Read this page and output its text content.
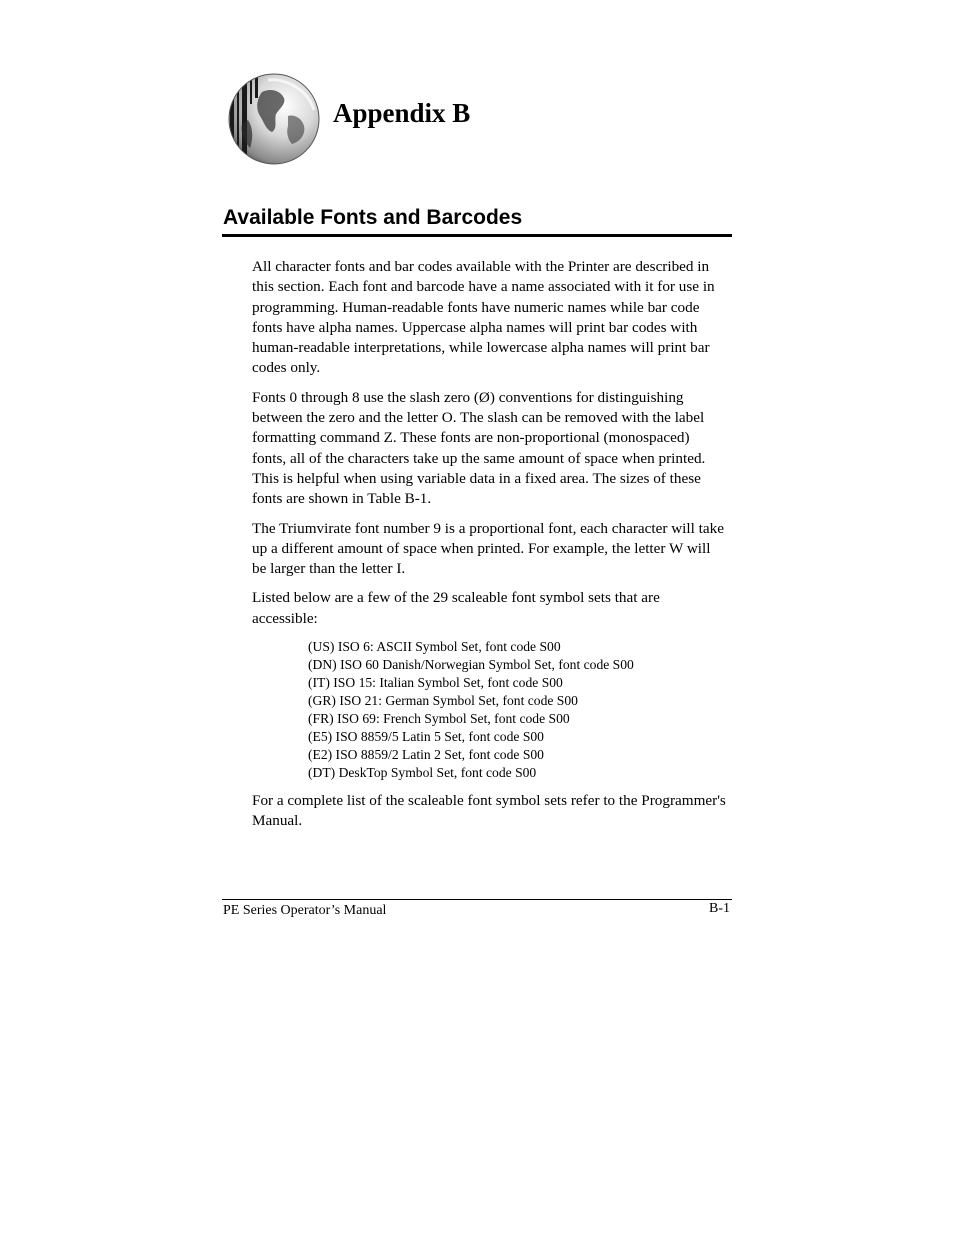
Appendix B
Available Fonts and Barcodes

All character fonts and bar codes available with the Printer are described in this section. Each font and barcode have a name associated with it for use in programming. Human-readable fonts have numeric names while bar code fonts have alpha names. Uppercase alpha names will print bar codes with human-readable interpretations, while lowercase alpha names will print bar codes only.

Fonts 0 through 8 use the slash zero (Ø) conventions for distinguishing between the zero and the letter O. The slash can be removed with the label formatting command Z. These fonts are non-proportional (monospaced) fonts, all of the characters take up the same amount of space when printed. This is helpful when using variable data in a fixed area. The sizes of these fonts are shown in Table B-1.

The Triumvirate font number 9 is a proportional font, each character will take up a different amount of space when printed. For example, the letter W will be larger than the letter I.

Listed below are a few of the 29 scaleable font symbol sets that are accessible:

(US) ISO 6: ASCII Symbol Set, font code S00
(DN) ISO 60 Danish/Norwegian Symbol Set, font code S00
(IT) ISO 15: Italian Symbol Set, font code S00
(GR) ISO 21: German Symbol Set, font code S00
(FR) ISO 69: French Symbol Set, font code S00
(E5) ISO 8859/5 Latin 5 Set, font code S00
(E2) ISO 8859/2 Latin 2 Set, font code S00
(DT) DeskTop Symbol Set, font code S00

For a complete list of the scaleable font symbol sets refer to the Programmer's Manual.

PE Series Operator’s Manual	B-1
